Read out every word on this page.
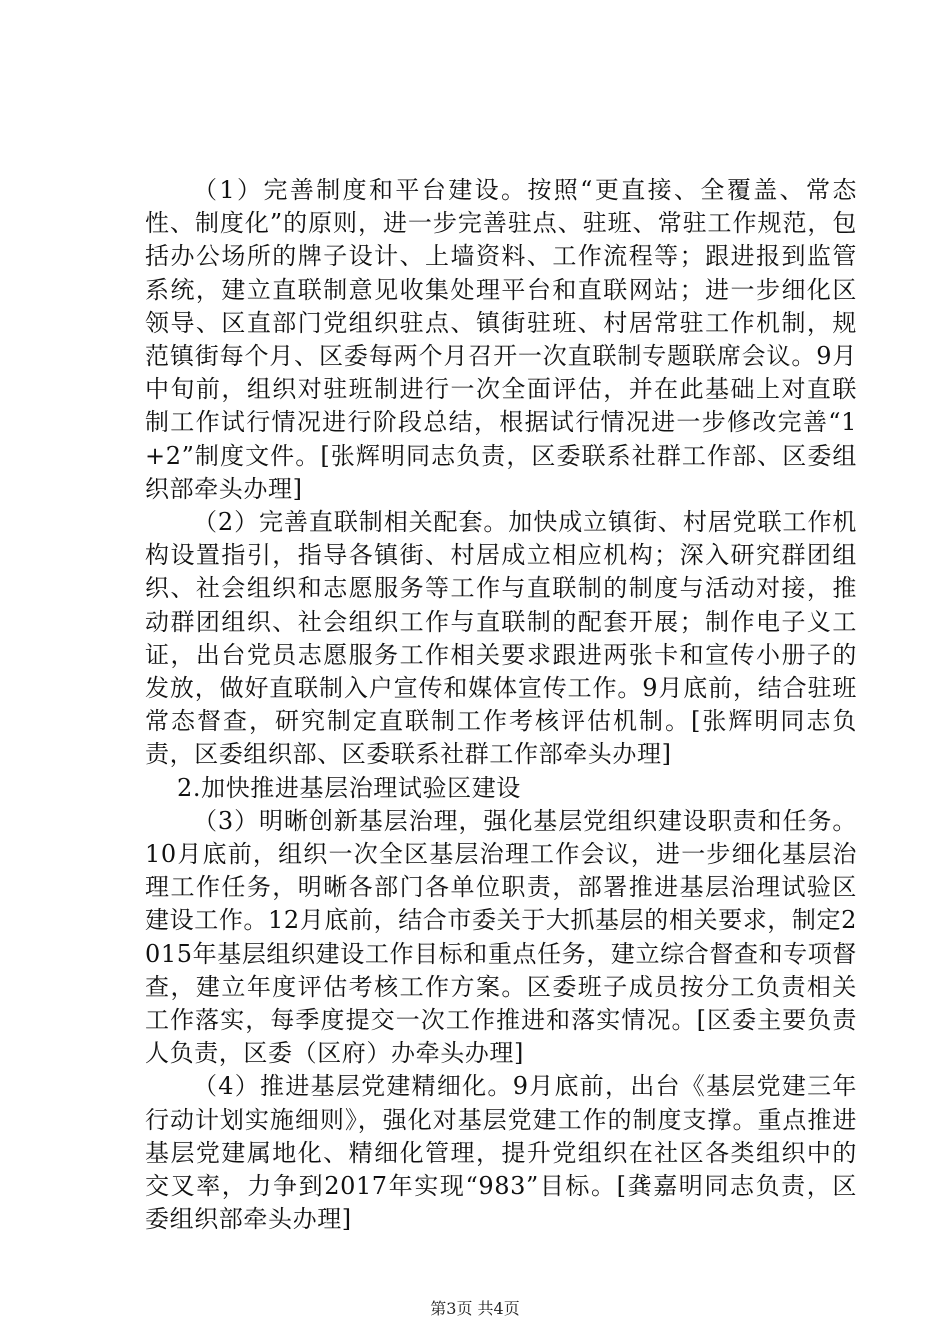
（1）完善制度和平台建设。按照“更直接、全覆盖、常态性、制度化”的原则，进一步完善驻点、驻班、常驻工作规范，包括办公场所的牌子设计、上墙资料、工作流程等；跟进报到监管系统，建立直联制意见收集处理平台和直联网站；进一步细化区领导、区直部门党组织驻点、镇街驻班、村居常驻工作机制，规范镇街每个月、区委每两个月召开一次直联制专题联席会议。9月中旬前，组织对驻班制进行一次全面评估，并在此基础上对直联制工作试行情况进行阶段总结，根据试行情况进一步修改完善“1+2”制度文件。[张辉明同志负责，区委联系社群工作部、区委组织部牵头办理]

（2）完善直联制相关配套。加快成立镇街、村居党联工作机构设置指引，指导各镇街、村居成立相应机构；深入研究群团组织、社会组织和志愿服务等工作与直联制的制度与活动对接，推动群团组织、社会组织工作与直联制的配套开展；制作电子义工证，出台党员志愿服务工作相关要求跟进两张卡和宣传小册子的发放，做好直联制入户宣传和媒体宣传工作。9月底前，结合驻班常态督查，研究制定直联制工作考核评估机制。[张辉明同志负责，区委组织部、区委联系社群工作部牵头办理]

2.加快推进基层治理试验区建设

（3）明晰创新基层治理，强化基层党组织建设职责和任务。10月底前，组织一次全区基层治理工作会议，进一步细化基层治理工作任务，明晰各部门各单位职责，部署推进基层治理试验区建设工作。12月底前，结合市委关于大抓基层的相关要求，制定2015年基层组织建设工作目标和重点任务，建立综合督查和专项督查，建立年度评估考核工作方案。区委班子成员按分工负责相关工作落实，每季度提交一次工作推进和落实情况。[区委主要负责人负责，区委（区府）办牵头办理]

（4）推进基层党建精细化。9月底前，出台《基层党建三年行动计划实施细则》，强化对基层党建工作的制度支撑。重点推进基层党建属地化、精细化管理，提升党组织在社区各类组织中的交叉率，力争到2017年实现“983”目标。[龚嘉明同志负责，区委组织部牵头办理]

第3页 共4页
